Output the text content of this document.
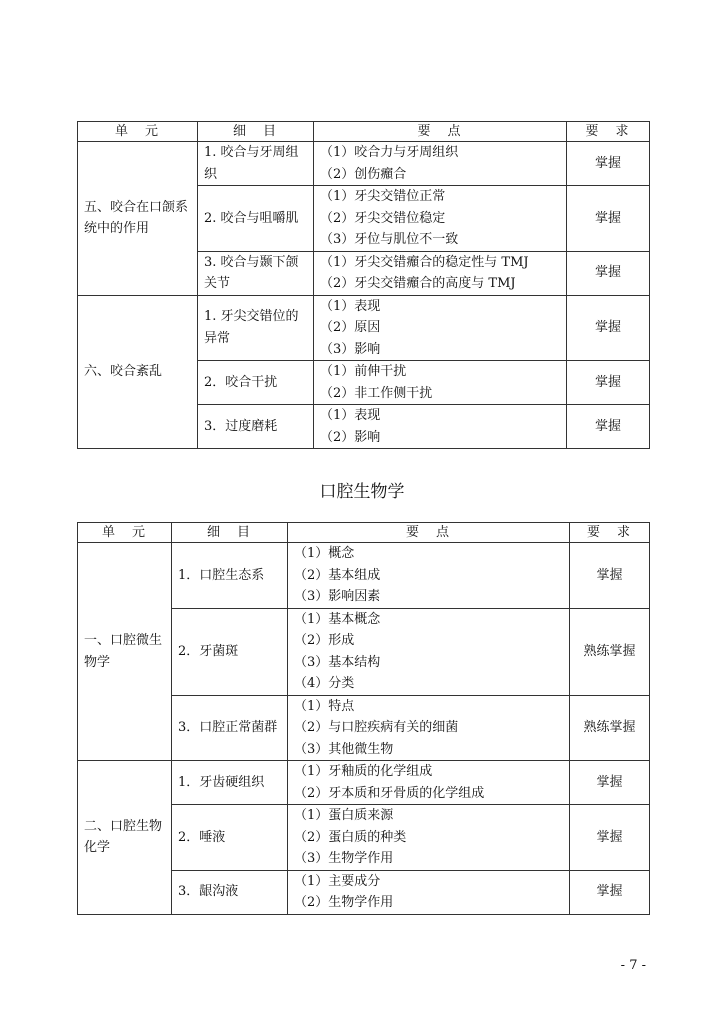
单　元	细　目	要　点	要　求
五、咬合在口颌系统中的作用	1. 咬合与牙周组织	（1）咬合力与牙周组织
（2）创伤㿗合	掌握
	2. 咬合与咀嚼肌	（1）牙尖交错位正常
（2）牙尖交错位稳定
（3）牙位与肌位不一致	掌握
	3. 咬合与颞下颌关节	（1）牙尖交错㿗合的稳定性与 TMJ
（2）牙尖交错㿗合的高度与 TMJ	掌握
六、咬合紊乱	1. 牙尖交错位的异常	（1）表现
（2）原因
（3）影响	掌握
	2．咬合干扰	（1）前伸干扰
（2）非工作侧干扰	掌握
	3．过度磨耗	（1）表现
（2）影响	掌握
口腔生物学
单　元	细　目	要　点	要　求
一、口腔微生物学	1．口腔生态系	（1）概念
（2）基本组成
（3）影响因素	掌握
	2．牙菌斑	（1）基本概念
（2）形成
（3）基本结构
（4）分类	熟练掌握
	3．口腔正常菌群	（1）特点
（2）与口腔疾病有关的细菌
（3）其他微生物	熟练掌握
二、口腔生物化学	1．牙齿硬组织	（1）牙釉质的化学组成
（2）牙本质和牙骨质的化学组成	掌握
	2．唾液	（1）蛋白质来源
（2）蛋白质的种类
（3）生物学作用	掌握
	3．龈沟液	（1）主要成分
（2）生物学作用	掌握
- 7 -
